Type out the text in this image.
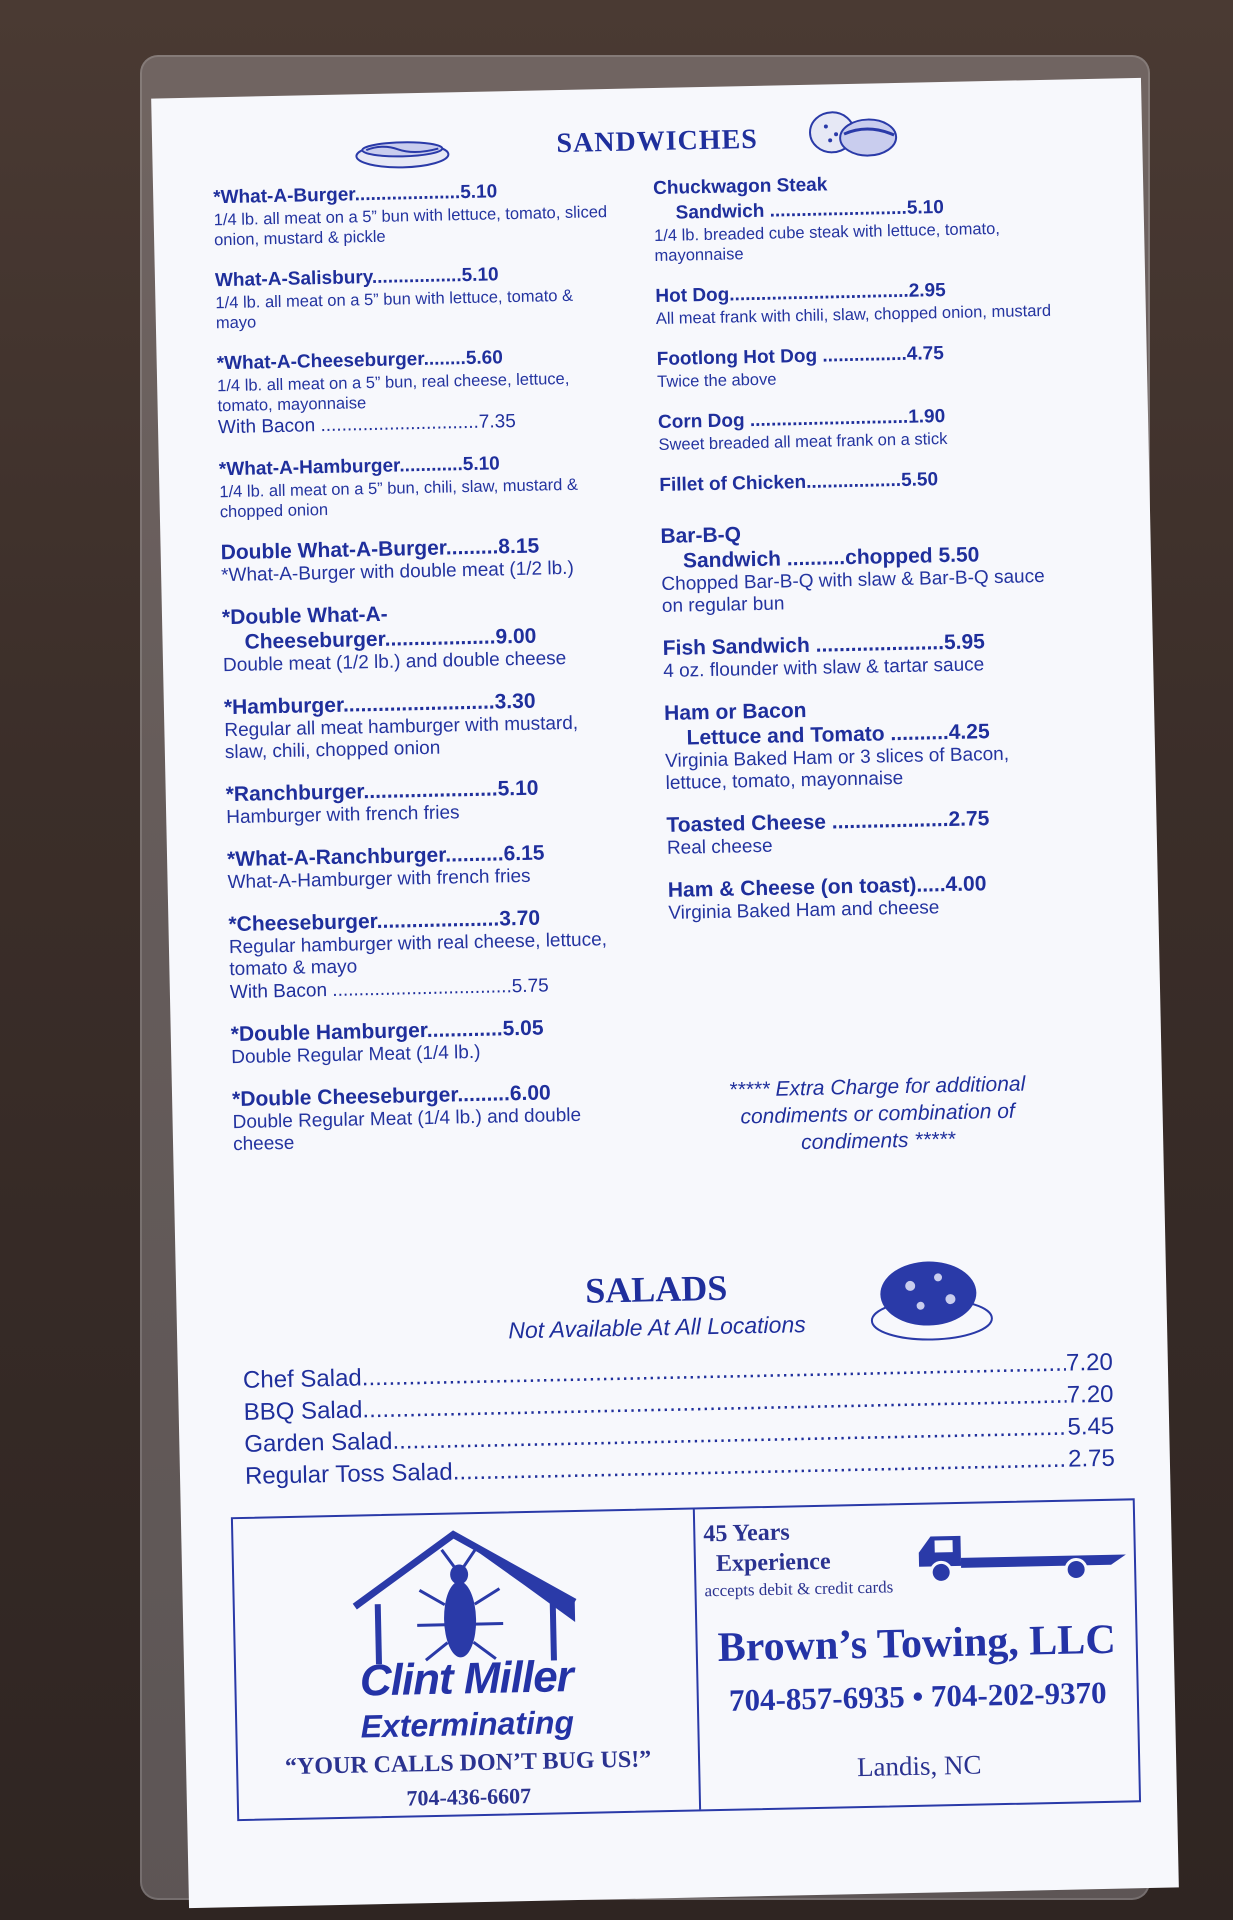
SANDWICHES
*What-A-Burger....................5.10
1/4 lb. all meat on a 5” bun with lettuce, tomato, sliced onion, mustard & pickle
What-A-Salisbury.................5.10
1/4 lb. all meat on a 5” bun with lettuce, tomato & mayo
*What-A-Cheeseburger........5.60
1/4 lb. all meat on a 5” bun, real cheese, lettuce, tomato, mayonnaise
With Bacon ..............................7.35
*What-A-Hamburger............5.10
1/4 lb. all meat on a 5” bun, chili, slaw, mustard & chopped onion
Double What-A-Burger.........8.15
*What-A-Burger with double meat (1/2 lb.)
*Double What-A-
Cheeseburger...................9.00
Double meat (1/2 lb.) and double cheese
*Hamburger..........................3.30
Regular all meat hamburger with mustard, slaw, chili, chopped onion
*Ranchburger.......................5.10
Hamburger with french fries
*What-A-Ranchburger..........6.15
What-A-Hamburger with french fries
*Cheeseburger.....................3.70
Regular hamburger with real cheese, lettuce, tomato & mayo
With Bacon ..................................5.75
*Double Hamburger.............5.05
Double Regular Meat (1/4 lb.)
*Double Cheeseburger.........6.00
Double Regular Meat (1/4 lb.) and double cheese
Chuckwagon Steak
Sandwich ..........................5.10
1/4 lb. breaded cube steak with lettuce, tomato, mayonnaise
Hot Dog..................................2.95
All meat frank with chili, slaw, chopped onion, mustard
Footlong Hot Dog ................4.75
Twice the above
Corn Dog ..............................1.90
Sweet breaded all meat frank on a stick
Fillet of Chicken..................5.50
Bar-B-Q
Sandwich ..........chopped 5.50
Chopped Bar-B-Q with slaw & Bar-B-Q sauce on regular bun
Fish Sandwich ......................5.95
4 oz. flounder with slaw & tartar sauce
Ham or Bacon
Lettuce and Tomato ..........4.25
Virginia Baked Ham or 3 slices of Bacon, lettuce, tomato, mayonnaise
Toasted Cheese ....................2.75
Real cheese
Ham & Cheese (on toast).....4.00
Virginia Baked Ham and cheese
***** Extra Charge for additional condiments or combination of condiments *****
SALADS
Not Available At All Locations
Chef Salad
.....
7.20
BBQ Salad
.....
7.20
Garden Salad
.....
5.45
Regular Toss Salad
.....	2.75
Clint Miller
Exterminating
“YOUR CALLS DON’T BUG US!”
704-436-6607
45 Years
Experience
accepts debit & credit cards
Brown’s Towing, LLC
704-857-6935 • 704-202-9370
Landis, NC
